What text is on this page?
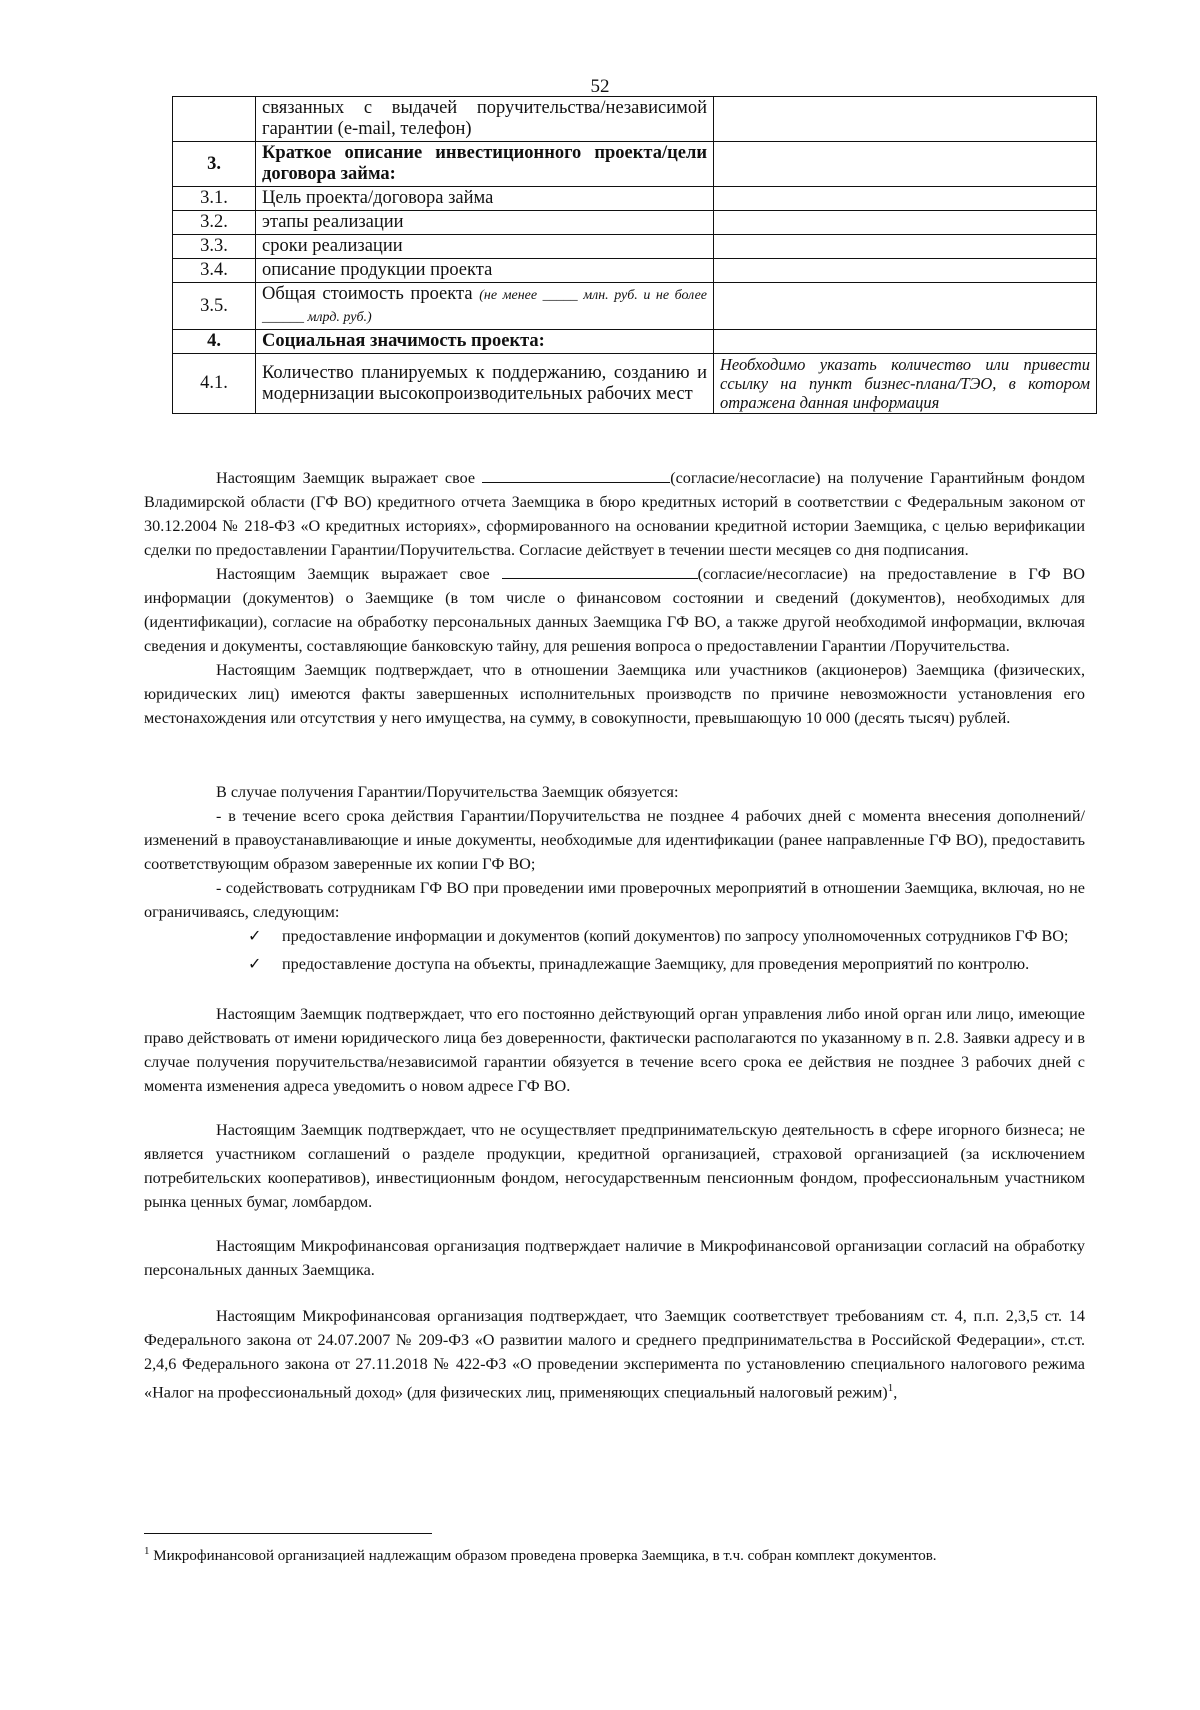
52
	связанных с выдачей поручительства/независимой гарантии (e-mail, телефон)	
3.	Краткое описание инвестиционного проекта/цели договора займа:	
3.1.	Цель проекта/договора займа	
3.2.	этапы реализации	
3.3.	сроки реализации	
3.4.	описание продукции проекта	
3.5.	Общая стоимость проекта (не менее _____ млн. руб. и не более ______ млрд. руб.)	
4.	Социальная значимость проекта:	
4.1.	Количество планируемых к поддержанию, созданию и модернизации высокопроизводительных рабочих мест	Необходимо указать количество или привести ссылку на пункт бизнес-плана/ТЭО, в котором отражена данная информация

Настоящим Заемщик выражает свое	(согласие/несогласие) на получение Гарантийным фондом Владимирской области (ГФ ВО) кредитного отчета Заемщика в бюро кредитных историй в соответствии с Федеральным законом от 30.12.2004 № 218-ФЗ «О кредитных историях», сформированного на основании кредитной истории Заемщика, с целью верификации сделки по предоставлении Гарантии/Поручительства. Согласие действует в течении шести месяцев со дня подписания.

Настоящим Заемщик выражает свое	(согласие/несогласие) на предоставление в ГФ ВО информации (документов) о Заемщике (в том числе о финансовом состоянии и сведений (документов), необходимых для (идентификации), согласие на обработку персональных данных Заемщика ГФ ВО, а также другой необходимой информации, включая сведения и документы, составляющие банковскую тайну, для решения вопроса о предоставлении Гарантии /Поручительства.

Настоящим Заемщик подтверждает, что в отношении Заемщика или участников (акционеров) Заемщика (физических, юридических лиц) имеются факты завершенных исполнительных производств по причине невозможности установления его местонахождения или отсутствия у него имущества, на сумму, в совокупности, превышающую 10 000 (десять тысяч) рублей.

В случае получения Гарантии/Поручительства Заемщик обязуется:

- в течение всего срока действия Гарантии/Поручительства не позднее 4 рабочих дней с момента внесения дополнений/изменений в правоустанавливающие и иные документы, необходимые для идентификации (ранее направленные ГФ ВО), предоставить соответствующим образом заверенные их копии ГФ ВО;

- содействовать сотрудникам ГФ ВО при проведении ими проверочных мероприятий в отношении Заемщика, включая, но не ограничиваясь, следующим:

✓ предоставление информации и документов (копий документов) по запросу уполномоченных сотрудников ГФ ВО;

✓ предоставление доступа на объекты, принадлежащие Заемщику, для проведения мероприятий по контролю.

Настоящим Заемщик подтверждает, что его постоянно действующий орган управления либо иной орган или лицо, имеющие право действовать от имени юридического лица без доверенности, фактически располагаются по указанному в п. 2.8. Заявки адресу и в случае получения поручительства/независимой гарантии обязуется в течение всего срока ее действия не позднее 3 рабочих дней с момента изменения адреса уведомить о новом адресе ГФ ВО.

Настоящим Заемщик подтверждает, что не осуществляет предпринимательскую деятельность в сфере игорного бизнеса; не является участником соглашений о разделе продукции, кредитной организацией, страховой организацией (за исключением потребительских кооперативов), инвестиционным фондом, негосударственным пенсионным фондом, профессиональным участником рынка ценных бумаг, ломбардом.

Настоящим Микрофинансовая организация подтверждает наличие в Микрофинансовой организации согласий на обработку персональных данных Заемщика.

Настоящим Микрофинансовая организация подтверждает, что Заемщик соответствует требованиям ст. 4, п.п. 2,3,5 ст. 14 Федерального закона от 24.07.2007 № 209-ФЗ «О развитии малого и среднего предпринимательства в Российской Федерации», ст.ст. 2,4,6 Федерального закона от 27.11.2018 № 422-ФЗ «О проведении эксперимента по установлению специального налогового режима «Налог на профессиональный доход» (для физических лиц, применяющих специальный налоговый режим)$^1$,

$^1$ Микрофинансовой организацией надлежащим образом проведена проверка Заемщика, в т.ч. собран комплект документов.
